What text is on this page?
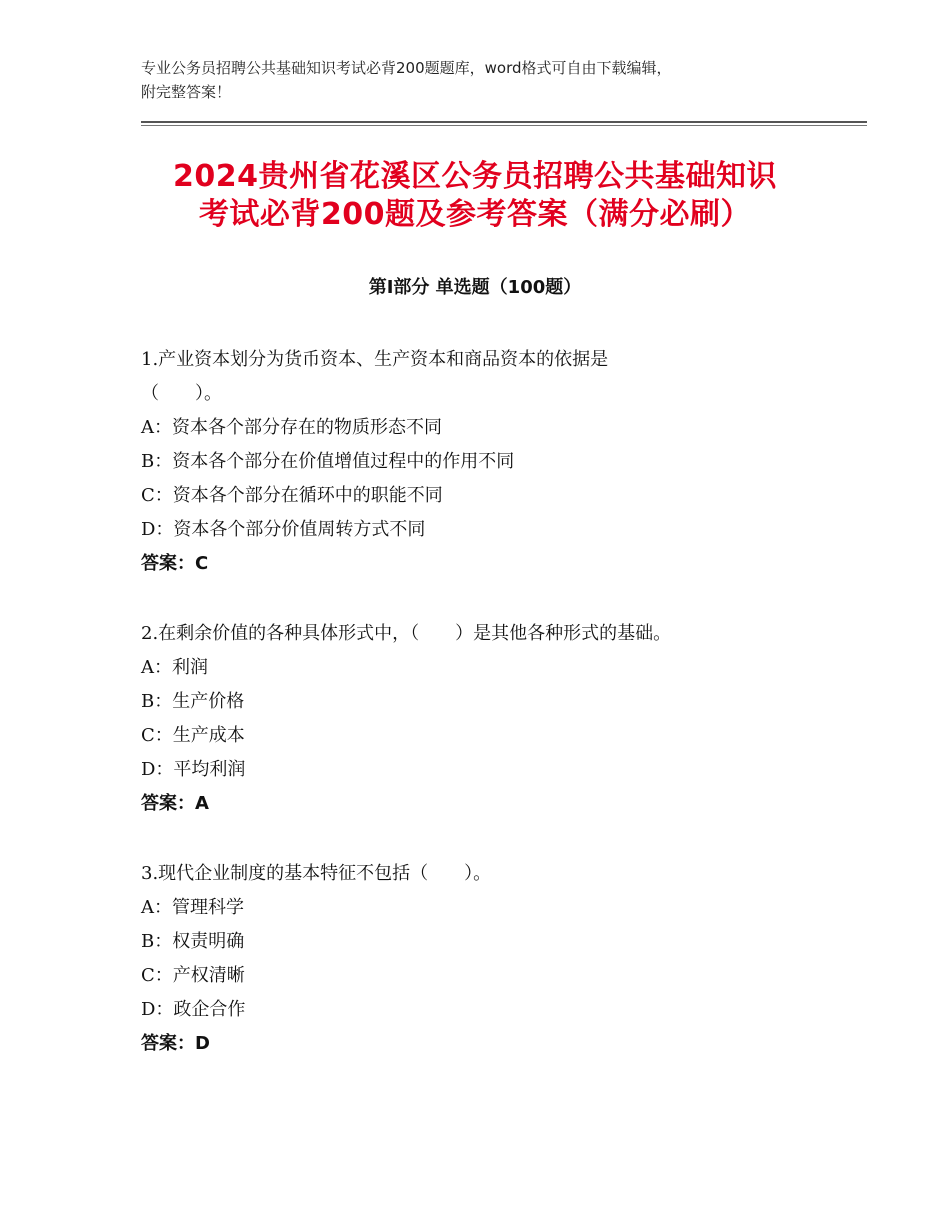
专业公务员招聘公共基础知识考试必背200题题库，word格式可自由下载编辑，
附完整答案！
2024贵州省花溪区公务员招聘公共基础知识
考试必背200题及参考答案（满分必刷）
第Ⅰ部分 单选题（100题）
1.产业资本划分为货币资本、生产资本和商品资本的依据是
（　　）。
A：资本各个部分存在的物质形态不同
B：资本各个部分在价值增值过程中的作用不同
C：资本各个部分在循环中的职能不同
D：资本各个部分价值周转方式不同
答案：C
2.在剩余价值的各种具体形式中，（　　）是其他各种形式的基础。
A：利润
B：生产价格
C：生产成本
D：平均利润
答案：A
3.现代企业制度的基本特征不包括（　　）。
A：管理科学
B：权责明确
C：产权清晰
D：政企合作
答案：D
